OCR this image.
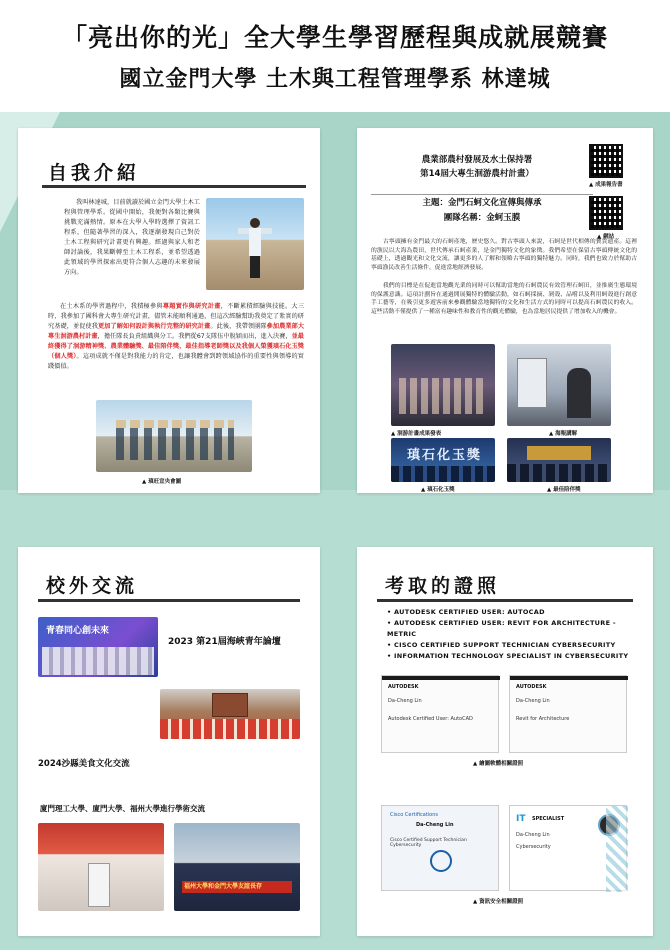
「亮出你的光」全大學生學習歷程與成就展競賽
國立金門大學 土木與工程管理學系 林達城
自我介紹
我叫林達城，目前就讀於國立金門大學土木工程與管理學系。從國中開始，我便對各類比賽與挑戰充滿熱情。原本在大學入學時選擇了資訊工程系，但隨著學習的深入，我逐漸發現自己對於土木工程與研究計畫更有興趣。經過與家人和老師討論後，我果斷轉至土木工程系，並希望透過此領域的學習探索出更符合個人志趣的未來發展方向。
在土木系的學習過程中，我積極參與專題實作與研究計畫，不斷累積經驗與技能。大三時，我參加了國科會大專生研究計畫，儘管未能順利通過，但這次經驗幫助我奠定了紮實的研究基礎，並促使我更加了解如何設計與執行完整的研究計畫。此後，我帶領團隊參加農業部大專生洄游農村計畫，擔任隊長負責組織與分工。我們從67支隊伍中脫穎而出，進入決賽，並最終獲得了洄游精神獎、農業體驗獎、最佳陪伴獎、最佳指導老師獎以及我個人榮獲瑱石化玉獎（個人獎）。這項成就不僅是對我能力的肯定，也讓我體會到跨領域協作的重要性與領導的實踐價值。
▲ 瑱旺宣央會圖
農業部農村發展及水土保持署
第14屆大專生洄游農村計畫）
▲ 成果報告書
主題：金門石蚵文化宣傳與傳承
團隊名稱：金蚵玉膜
▲ 網站
古寧頭擁有金門最大的石蚵產地，歷史悠久。對古寧頭人來說，石蚵是世代相傳的寶貴遺產。這裡的漁民以大海為農田，世代傳承石蚵產業，是金門獨特文化的象徵。我們希望在保留古寧頭傳統文化的基礎上，透過觀光和文化交流，讓更多的人了解和領略古寧頭的獨特魅力。同時，我們也致力於幫助古寧頭漁民改善生活條件，促進當地經濟發展。
我們的目標是在促進當地觀光業的同時可以幫助當地的石蚵農民有效管理石蚵田，並推廣生態環境的保護意識。這項計劃旨在通過開展獨特的體驗活動，如石蚵採摘、剝殼、品嚐以及利用蚵殼進行創意手工藝等，在吸引更多遊客前來參觀體驗當地獨特的文化和生活方式的同時可以提高石蚵農民的收入。這些活動不僅提供了一種富有趣味性和教育性的觀光體驗，也為當地居民提供了增加收入的機會。
▲ 洄游計畫成果發表	▲ 海報講解
瑱石化玉獎
▲ 瑱石化玉獎	▲ 最佳陪伴獎
校外交流
青春同心創未來
2023 第21屆海峽青年論壇
2024沙縣美食文化交流
廈門理工大學、廈門大學、福州大學進行學術交流
福州大學和金門大學友誼長存
考取的證照
• AUTODESK CERTIFIED USER: AUTOCAD
• AUTODESK CERTIFIED USER: REVIT FOR ARCHITECTURE - METRIC
• CISCO CERTIFIED SUPPORT TECHNICIAN CYBERSECURITY
• INFORMATION TECHNOLOGY SPECIALIST IN CYBERSECURITY
AUTODESK
Da-Cheng Lin
Autodesk Certified User: AutoCAD
AUTODESK
Da-Cheng Lin
Revit for Architecture
▲ 繪圖軟體相關證照
Cisco Certifications
Da-Cheng Lin
Cisco Certified Support Technician Cybersecurity
IT SPECIALIST
Da-Cheng Lin
Cybersecurity
▲ 資訊安全相關證照
